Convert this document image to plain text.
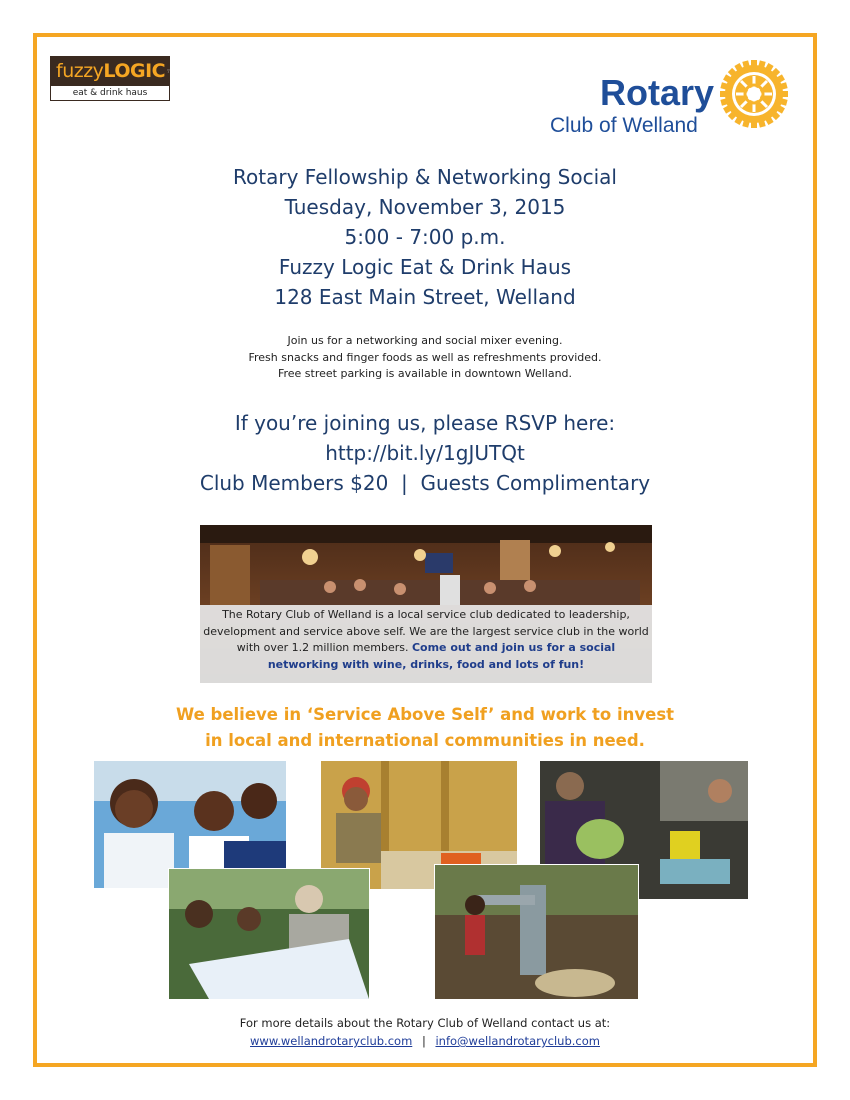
fuzzy LOGIC
eat & drink haus	Rotary
Club of Welland
Rotary Fellowship & Networking Social
Tuesday, November 3, 2015
5:00 - 7:00 p.m.
Fuzzy Logic Eat & Drink Haus
128 East Main Street, Welland
Join us for a networking and social mixer evening.
Fresh snacks and finger foods as well as refreshments provided.
Free street parking is available in downtown Welland.
If you’re joining us, please RSVP here:
http://bit.ly/1gJUTQt
Club Members $20  |  Guests Complimentary
The Rotary Club of Welland is a local service club dedicated to leadership, development and service above self. We are the largest service club in the world with over 1.2 million members. Come out and join us for a social networking with wine, drinks, food and lots of fun!
We believe in ‘Service Above Self’ and work to invest
in local and international communities in need.
For more details about the Rotary Club of Welland contact us at:
www.wellandrotaryclub.com | info@wellandrotaryclub.com
